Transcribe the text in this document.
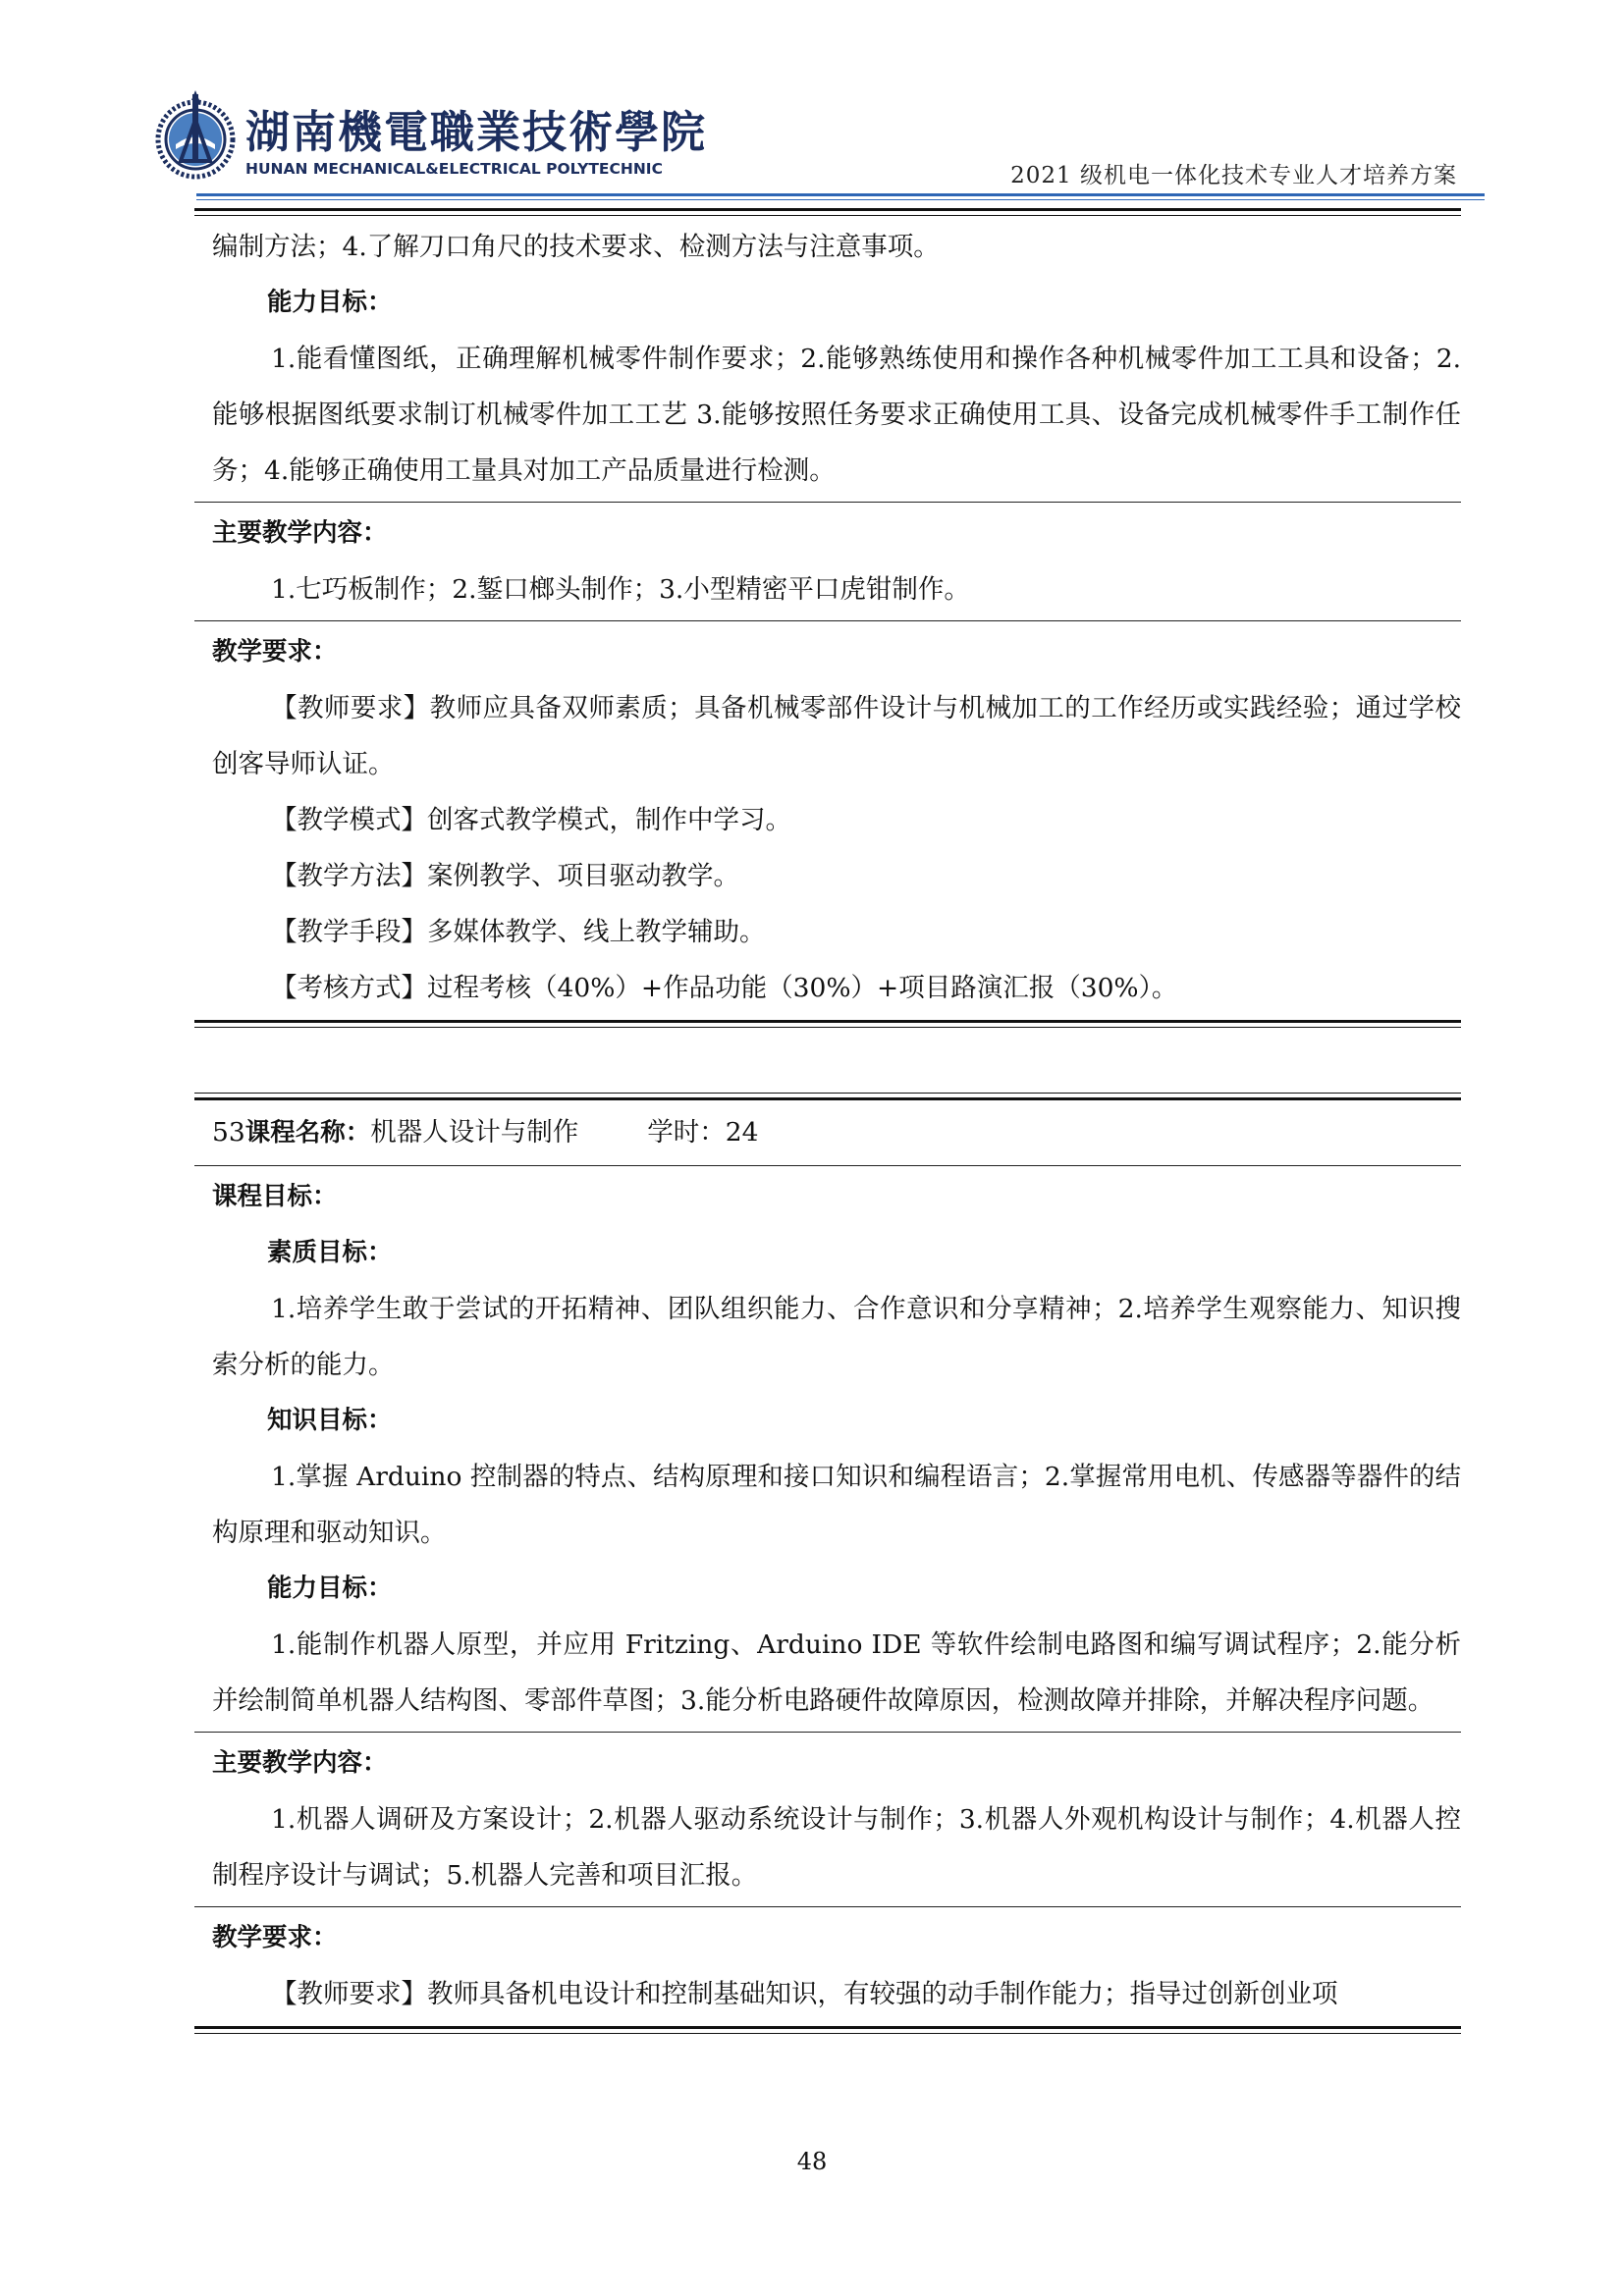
湖南機電職業技術學院
HUNAN MECHANICAL&ELECTRICAL POLYTECHNIC	2021 级机电一体化技术专业人才培养方案

编制方法；4.了解刀口角尺的技术要求、检测方法与注意事项。

能力目标：

1.能看懂图纸，正确理解机械零件制作要求；2.能够熟练使用和操作各种机械零件加工工具和设备；2.能够根据图纸要求制订机械零件加工工艺 3.能够按照任务要求正确使用工具、设备完成机械零件手工制作任务；4.能够正确使用工量具对加工产品质量进行检测。

主要教学内容：

1.七巧板制作；2.錾口榔头制作；3.小型精密平口虎钳制作。

教学要求：

【教师要求】教师应具备双师素质；具备机械零部件设计与机械加工的工作经历或实践经验；通过学校创客导师认证。

【教学模式】创客式教学模式，制作中学习。

【教学方法】案例教学、项目驱动教学。

【教学手段】多媒体教学、线上教学辅助。

【考核方式】过程考核（40%）+作品功能（30%）+项目路演汇报（30%）。

53课程名称：机器人设计与制作	学时：24
课程目标：
素质目标：

1.培养学生敢于尝试的开拓精神、团队组织能力、合作意识和分享精神；2.培养学生观察能力、知识搜索分析的能力。

知识目标：

1.掌握 Arduino 控制器的特点、结构原理和接口知识和编程语言；2.掌握常用电机、传感器等器件的结构原理和驱动知识。

能力目标：

1.能制作机器人原型，并应用 Fritzing、Arduino IDE 等软件绘制电路图和编写调试程序；2.能分析并绘制简单机器人结构图、零部件草图；3.能分析电路硬件故障原因，检测故障并排除，并解决程序问题。

主要教学内容：

1.机器人调研及方案设计；2.机器人驱动系统设计与制作；3.机器人外观机构设计与制作；4.机器人控制程序设计与调试；5.机器人完善和项目汇报。

教学要求：

【教师要求】教师具备机电设计和控制基础知识，有较强的动手制作能力；指导过创新创业项

48
